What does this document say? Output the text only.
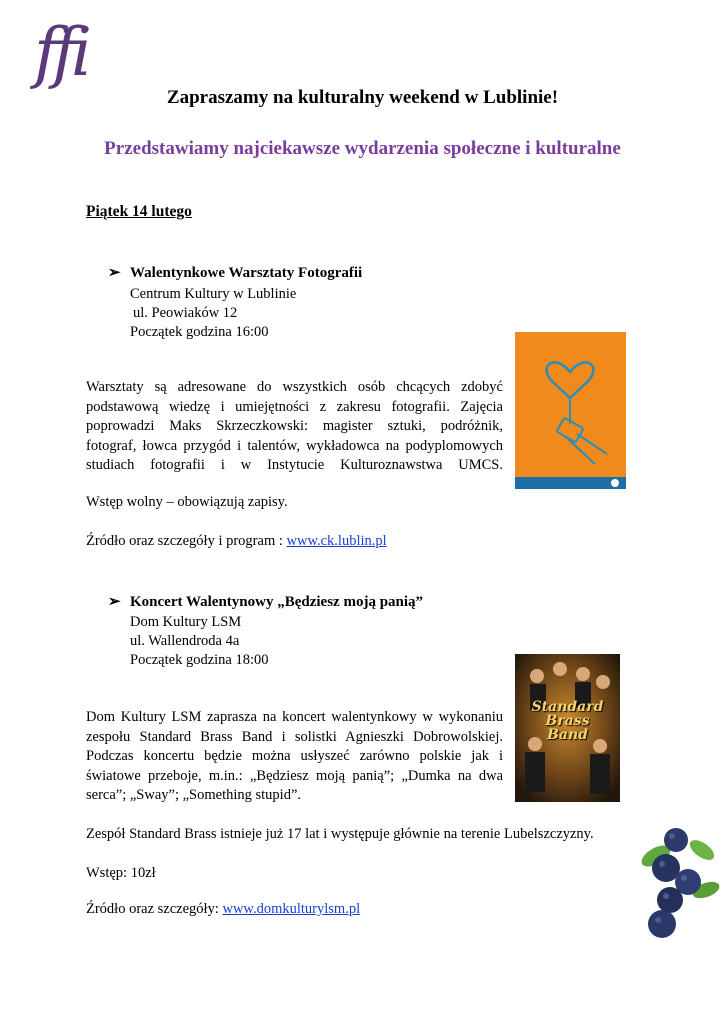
ffi
Zapraszamy na kulturalny weekend w Lublinie!
Przedstawiamy najciekawsze wydarzenia społeczne i kulturalne
Piątek 14 lutego
➢ Walentynkowe Warsztaty Fotografii
Centrum Kultury w Lublinie
ul. Peowiaków 12
Początek godzina 16:00
Warsztaty są adresowane do wszystkich osób chcących zdobyć
podstawową wiedzę i umiejętności z zakresu fotografii. Zajęcia
poprowadzi Maks Skrzeczkowski: magister sztuki, podróżnik,
fotograf, łowca przygód i talentów, wykładowca na podyplomowych
studiach fotografii i w Instytucie Kulturoznawstwa UMCS.
Wstęp wolny – obowiązują zapisy.
Źródło oraz szczegóły i program : www.ck.lublin.pl
➢ Koncert Walentynowy „Będziesz moją panią”
Dom Kultury LSM
ul. Wallendroda 4a
Początek godzina 18:00
Dom Kultury LSM zaprasza na koncert walentynkowy w wykonaniu
zespołu Standard Brass Band i solistki Agnieszki Dobrowolskiej.
Podczas koncertu będzie można usłyszeć zarówno polskie jak i
światowe przeboje, m.in.: „Będziesz moją panią”; „Dumka na dwa
serca”; „Sway”; „Something stupid”.
Zespół Standard Brass istnieje już 17 lat i występuje głównie na terenie Lubelszczyzny.
Wstęp: 10zł
Źródło oraz szczegóły: www.domkulturylsm.pl
Standard
Brass
Band
